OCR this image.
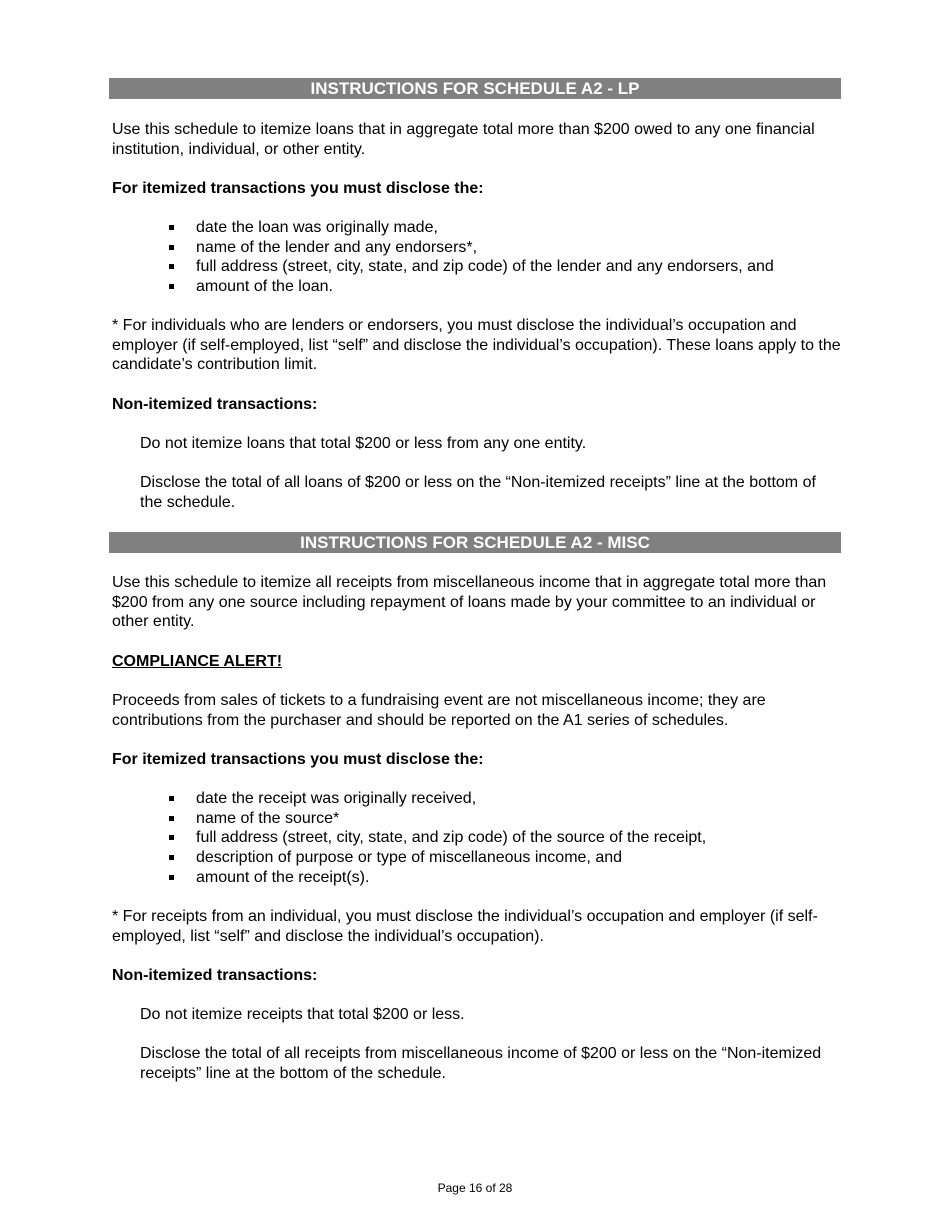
INSTRUCTIONS FOR SCHEDULE A2 - LP

Use this schedule to itemize loans that in aggregate total more than $200 owed to any one financial institution, individual, or other entity.

For itemized transactions you must disclose the:

date the loan was originally made,
name of the lender and any endorsers*,
full address (street, city, state, and zip code) of the lender and any endorsers, and
amount of the loan.

* For individuals who are lenders or endorsers, you must disclose the individual’s occupation and employer (if self-employed, list “self” and disclose the individual’s occupation). These loans apply to the candidate’s contribution limit.

Non-itemized transactions:

Do not itemize loans that total $200 or less from any one entity.

Disclose the total of all loans of $200 or less on the “Non-itemized receipts” line at the bottom of the schedule.

INSTRUCTIONS FOR SCHEDULE A2 - MISC

Use this schedule to itemize all receipts from miscellaneous income that in aggregate total more than $200 from any one source including repayment of loans made by your committee to an individual or other entity.

COMPLIANCE ALERT!

Proceeds from sales of tickets to a fundraising event are not miscellaneous income; they are contributions from the purchaser and should be reported on the A1 series of schedules.

For itemized transactions you must disclose the:

date the receipt was originally received,
name of the source*
full address (street, city, state, and zip code) of the source of the receipt,
description of purpose or type of miscellaneous income, and
amount of the receipt(s).

* For receipts from an individual, you must disclose the individual’s occupation and employer (if self-employed, list “self” and disclose the individual’s occupation).

Non-itemized transactions:

Do not itemize receipts that total $200 or less.

Disclose the total of all receipts from miscellaneous income of $200 or less on the “Non-itemized receipts” line at the bottom of the schedule.

Page 16 of 28
